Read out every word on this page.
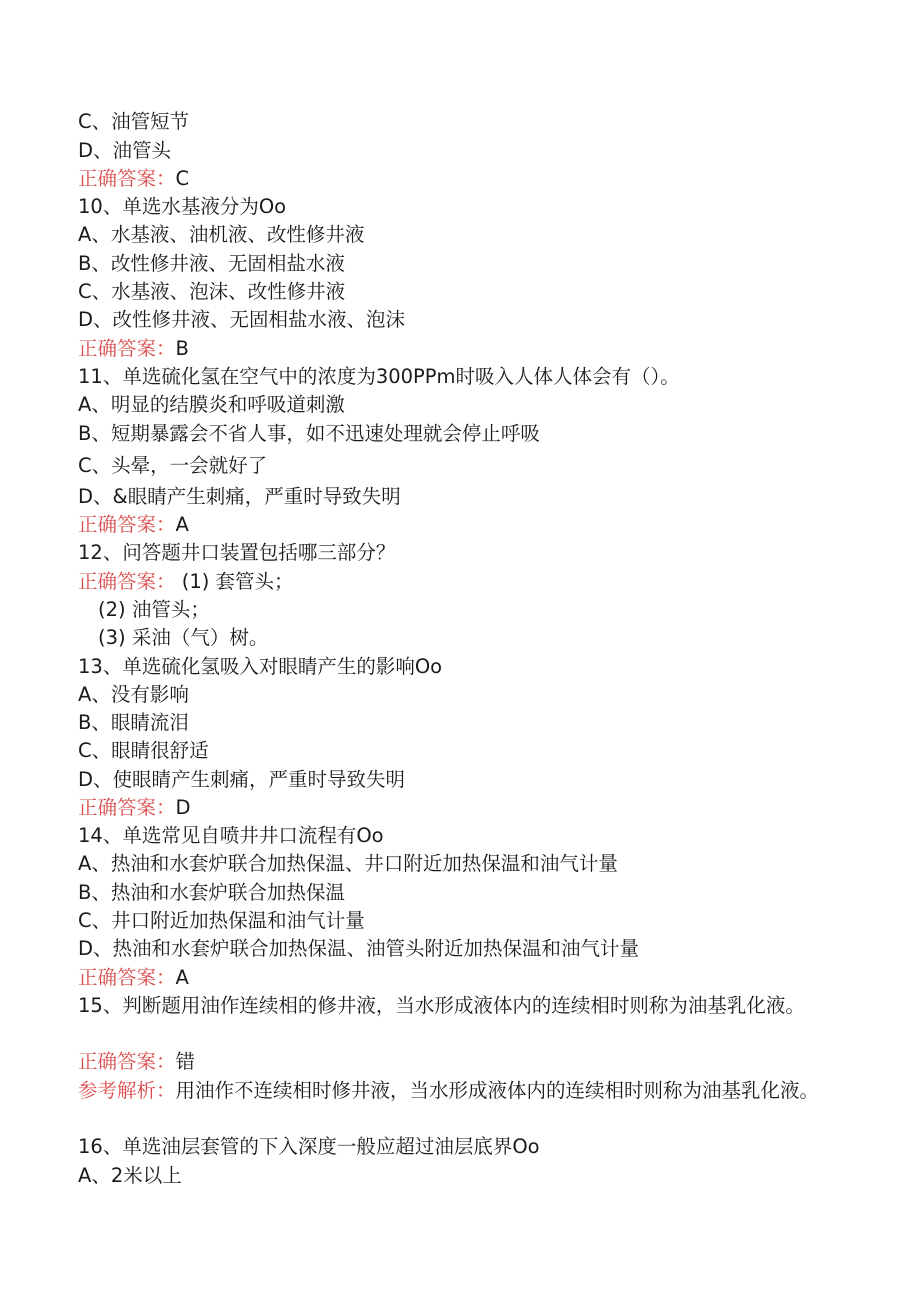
C、油管短节
D、油管头
正确答案：C
10、单选水基液分为Oo
A、水基液、油机液、改性修井液
B、改性修井液、无固相盐水液
C、水基液、泡沫、改性修井液
D、改性修井液、无固相盐水液、泡沫
正确答案：B
11、单选硫化氢在空气中的浓度为300PPm时吸入人体人体会有（）。
A、明显的结膜炎和呼吸道刺激
B、短期暴露会不省人事，如不迅速处理就会停止呼吸
C、头晕，一会就好了
D、&眼睛产生刺痛，严重时导致失明
正确答案：A
12、问答题井口装置包括哪三部分？
正确答案： (1) 套管头；
(2) 油管头；
(3) 采油（气）树。
13、单选硫化氢吸入对眼睛产生的影响Oo
A、没有影响
B、眼睛流泪
C、眼睛很舒适
D、使眼睛产生刺痛，严重时导致失明
正确答案：D
14、单选常见自喷井井口流程有Oo
A、热油和水套炉联合加热保温、井口附近加热保温和油气计量
B、热油和水套炉联合加热保温
C、井口附近加热保温和油气计量
D、热油和水套炉联合加热保温、油管头附近加热保温和油气计量
正确答案：A
15、判断题用油作连续相的修井液，当水形成液体内的连续相时则称为油基乳化液。
正确答案：错
参考解析：用油作不连续相时修井液，当水形成液体内的连续相时则称为油基乳化液。
16、单选油层套管的下入深度一般应超过油层底界Oo
A、2米以上
